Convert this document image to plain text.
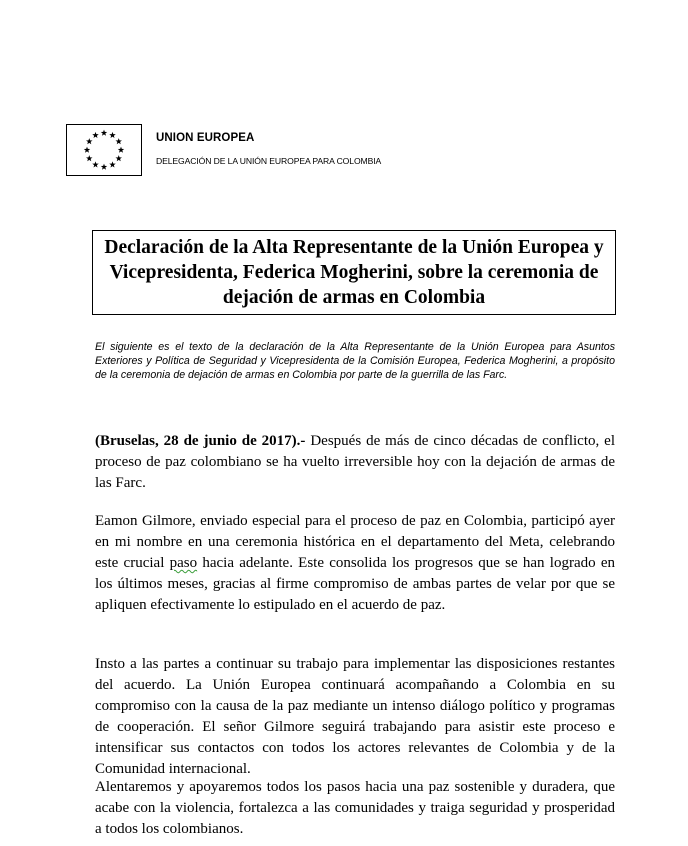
UNION EUROPEA
DELEGACIÓN DE LA UNIÓN EUROPEA PARA COLOMBIA

Declaración de la Alta Representante de la Unión Europea y Vicepresidenta, Federica Mogherini, sobre la ceremonia de dejación de armas en Colombia

El siguiente es el texto de la declaración de la Alta Representante de la Unión Europea para Asuntos Exteriores y Política de Seguridad y Vicepresidenta de la Comisión Europea, Federica Mogherini, a propósito de la ceremonia de dejación de armas en Colombia por parte de la guerrilla de las Farc.

(Bruselas, 28 de junio de 2017).- Después de más de cinco décadas de conflicto, el proceso de paz colombiano se ha vuelto irreversible hoy con la dejación de armas de las Farc.

Eamon Gilmore, enviado especial para el proceso de paz en Colombia, participó ayer en mi nombre en una ceremonia histórica en el departamento del Meta, celebrando este crucial paso hacia adelante. Este consolida los progresos que se han logrado en los últimos meses, gracias al firme compromiso de ambas partes de velar por que se apliquen efectivamente lo estipulado en el acuerdo de paz.

Insto a las partes a continuar su trabajo para implementar las disposiciones restantes del acuerdo. La Unión Europea continuará acompañando a Colombia en su compromiso con la causa de la paz mediante un intenso diálogo político y programas de cooperación. El señor Gilmore seguirá trabajando para asistir este proceso e intensificar sus contactos con todos los actores relevantes de Colombia y de la Comunidad internacional.

Alentaremos y apoyaremos todos los pasos hacia una paz sostenible y duradera, que acabe con la violencia, fortalezca a las comunidades y traiga seguridad y prosperidad a todos los colombianos.
